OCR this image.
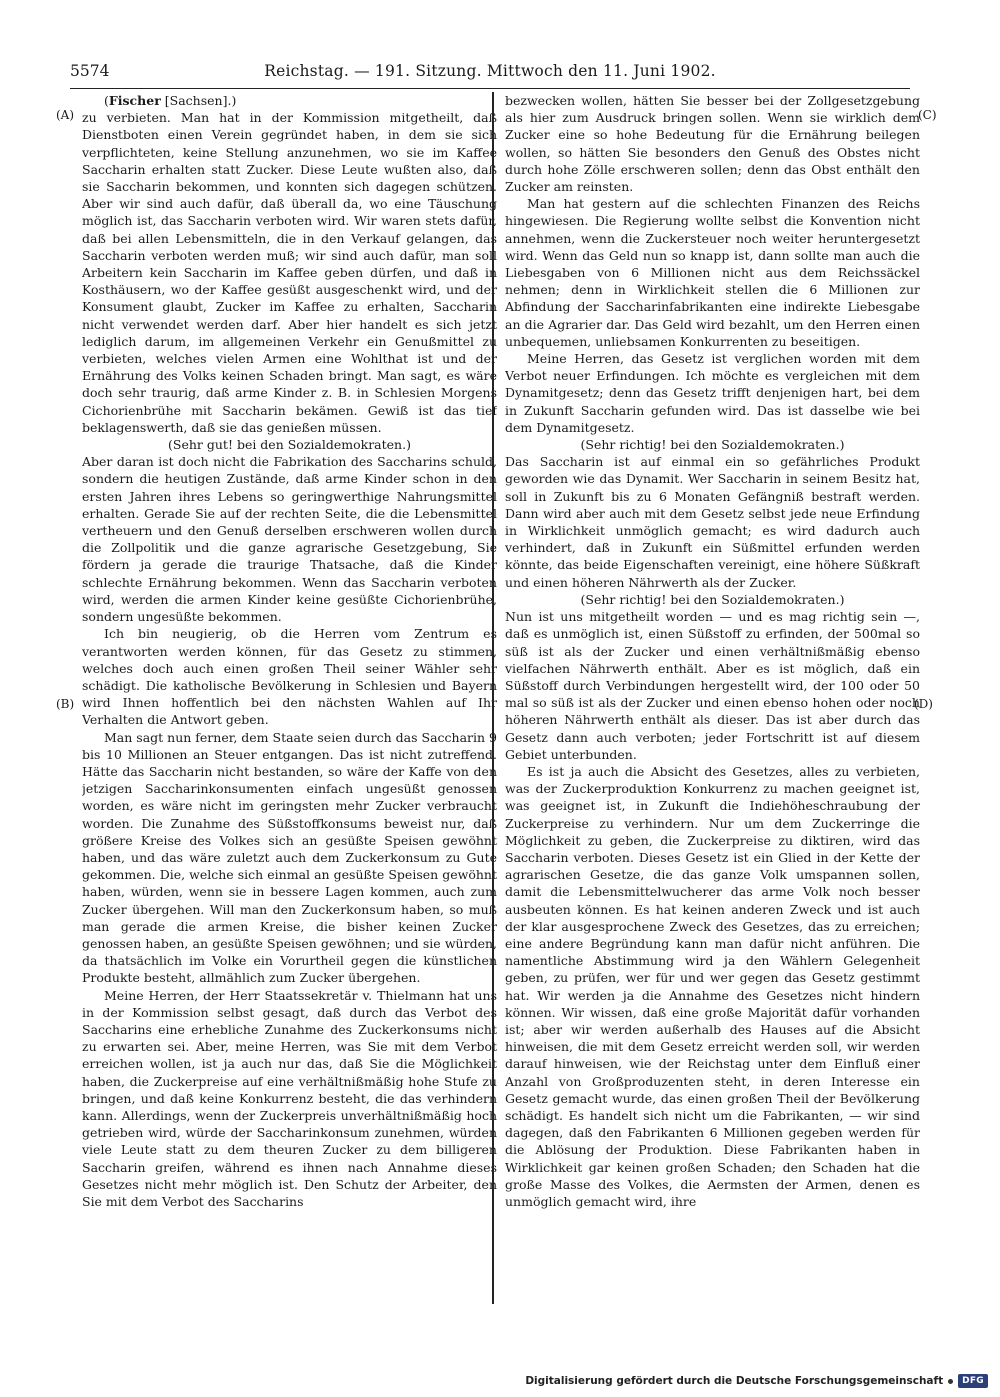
5574	Reichstag. — 191. Sitzung. Mittwoch den 11. Juni 1902.
(A)
(B)
(C)
(D)

(Fischer [Sachsen].)

zu verbieten. Man hat in der Kommission mitgetheilt, daß Dienstboten einen Verein gegründet haben, in dem sie sich verpflichteten, keine Stellung anzunehmen, wo sie im Kaffee Saccharin erhalten statt Zucker. Diese Leute wußten also, daß sie Saccharin bekommen, und konnten sich dagegen schützen. Aber wir sind auch dafür, daß überall da, wo eine Täuschung möglich ist, das Saccharin verboten wird. Wir waren stets dafür, daß bei allen Lebensmitteln, die in den Verkauf gelangen, das Saccharin verboten werden muß; wir sind auch dafür, man soll Arbeitern kein Saccharin im Kaffee geben dürfen, und daß in Kosthäusern, wo der Kaffee gesüßt ausgeschenkt wird, und der Konsument glaubt, Zucker im Kaffee zu erhalten, Saccharin nicht verwendet werden darf. Aber hier handelt es sich jetzt lediglich darum, im allgemeinen Verkehr ein Genußmittel zu verbieten, welches vielen Armen eine Wohlthat ist und der Ernährung des Volks keinen Schaden bringt. Man sagt, es wäre doch sehr traurig, daß arme Kinder z. B. in Schlesien Morgens Cichorienbrühe mit Saccharin bekämen. Gewiß ist das tief beklagenswerth, daß sie das genießen müssen.

(Sehr gut! bei den Sozialdemokraten.)

Aber daran ist doch nicht die Fabrikation des Saccharins schuld, sondern die heutigen Zustände, daß arme Kinder schon in den ersten Jahren ihres Lebens so geringwerthige Nahrungsmittel erhalten. Gerade Sie auf der rechten Seite, die die Lebensmittel vertheuern und den Genuß derselben erschweren wollen durch die Zollpolitik und die ganze agrarische Gesetzgebung, Sie fördern ja gerade die traurige Thatsache, daß die Kinder schlechte Ernährung bekommen. Wenn das Saccharin verboten wird, werden die armen Kinder keine gesüßte Cichorienbrühe, sondern ungesüßte bekommen.

Ich bin neugierig, ob die Herren vom Zentrum es verantworten werden können, für das Gesetz zu stimmen, welches doch auch einen großen Theil seiner Wähler sehr schädigt. Die katholische Bevölkerung in Schlesien und Bayern wird Ihnen hoffentlich bei den nächsten Wahlen auf Ihr Verhalten die Antwort geben.

Man sagt nun ferner, dem Staate seien durch das Saccharin 9 bis 10 Millionen an Steuer entgangen. Das ist nicht zutreffend. Hätte das Saccharin nicht bestanden, so wäre der Kaffe von den jetzigen Saccharinkonsumenten einfach ungesüßt genossen worden, es wäre nicht im geringsten mehr Zucker verbraucht worden. Die Zunahme des Süßstoffkonsums beweist nur, daß größere Kreise des Volkes sich an gesüßte Speisen gewöhnt haben, und das wäre zuletzt auch dem Zuckerkonsum zu Gute gekommen. Die, welche sich einmal an gesüßte Speisen gewöhnt haben, würden, wenn sie in bessere Lagen kommen, auch zum Zucker übergehen. Will man den Zuckerkonsum haben, so muß man gerade die armen Kreise, die bisher keinen Zucker genossen haben, an gesüßte Speisen gewöhnen; und sie würden, da thatsächlich im Volke ein Vorurtheil gegen die künstlichen Produkte besteht, allmählich zum Zucker übergehen.

Meine Herren, der Herr Staatssekretär v. Thielmann hat uns in der Kommission selbst gesagt, daß durch das Verbot des Saccharins eine erhebliche Zunahme des Zuckerkonsums nicht zu erwarten sei. Aber, meine Herren, was Sie mit dem Verbot erreichen wollen, ist ja auch nur das, daß Sie die Möglichkeit haben, die Zuckerpreise auf eine verhältnißmäßig hohe Stufe zu bringen, und daß keine Konkurrenz besteht, die das verhindern kann. Allerdings, wenn der Zuckerpreis unverhältnißmäßig hoch getrieben wird, würde der Saccharinkonsum zunehmen, würden viele Leute statt zu dem theuren Zucker zu dem billigeren Saccharin greifen, während es ihnen nach Annahme dieses Gesetzes nicht mehr möglich ist. Den Schutz der Arbeiter, den Sie mit dem Verbot des Saccharins

bezwecken wollen, hätten Sie besser bei der Zollgesetzgebung als hier zum Ausdruck bringen sollen. Wenn sie wirklich dem Zucker eine so hohe Bedeutung für die Ernährung beilegen wollen, so hätten Sie besonders den Genuß des Obstes nicht durch hohe Zölle erschweren sollen; denn das Obst enthält den Zucker am reinsten.

Man hat gestern auf die schlechten Finanzen des Reichs hingewiesen. Die Regierung wollte selbst die Konvention nicht annehmen, wenn die Zuckersteuer noch weiter heruntergesetzt wird. Wenn das Geld nun so knapp ist, dann sollte man auch die Liebesgaben von 6 Millionen nicht aus dem Reichssäckel nehmen; denn in Wirklichkeit stellen die 6 Millionen zur Abfindung der Saccharinfabrikanten eine indirekte Liebesgabe an die Agrarier dar. Das Geld wird bezahlt, um den Herren einen unbequemen, unliebsamen Konkurrenten zu beseitigen.

Meine Herren, das Gesetz ist verglichen worden mit dem Verbot neuer Erfindungen. Ich möchte es vergleichen mit dem Dynamitgesetz; denn das Gesetz trifft denjenigen hart, bei dem in Zukunft Saccharin gefunden wird. Das ist dasselbe wie bei dem Dynamitgesetz.

(Sehr richtig! bei den Sozialdemokraten.)

Das Saccharin ist auf einmal ein so gefährliches Produkt geworden wie das Dynamit. Wer Saccharin in seinem Besitz hat, soll in Zukunft bis zu 6 Monaten Gefängniß bestraft werden. Dann wird aber auch mit dem Gesetz selbst jede neue Erfindung in Wirklichkeit unmöglich gemacht; es wird dadurch auch verhindert, daß in Zukunft ein Süßmittel erfunden werden könnte, das beide Eigenschaften vereinigt, eine höhere Süßkraft und einen höheren Nährwerth als der Zucker.

(Sehr richtig! bei den Sozialdemokraten.)

Nun ist uns mitgetheilt worden — und es mag richtig sein —, daß es unmöglich ist, einen Süßstoff zu erfinden, der 500mal so süß ist als der Zucker und einen verhältnißmäßig ebenso vielfachen Nährwerth enthält. Aber es ist möglich, daß ein Süßstoff durch Verbindungen hergestellt wird, der 100 oder 50 mal so süß ist als der Zucker und einen ebenso hohen oder noch höheren Nährwerth enthält als dieser. Das ist aber durch das Gesetz dann auch verboten; jeder Fortschritt ist auf diesem Gebiet unterbunden.

Es ist ja auch die Absicht des Gesetzes, alles zu verbieten, was der Zuckerproduktion Konkurrenz zu machen geeignet ist, was geeignet ist, in Zukunft die Indiehöheschraubung der Zuckerpreise zu verhindern. Nur um dem Zuckerringe die Möglichkeit zu geben, die Zuckerpreise zu diktiren, wird das Saccharin verboten. Dieses Gesetz ist ein Glied in der Kette der agrarischen Gesetze, die das ganze Volk umspannen sollen, damit die Lebensmittelwucherer das arme Volk noch besser ausbeuten können. Es hat keinen anderen Zweck und ist auch der klar ausgesprochene Zweck des Gesetzes, das zu erreichen; eine andere Begründung kann man dafür nicht anführen. Die namentliche Abstimmung wird ja den Wählern Gelegenheit geben, zu prüfen, wer für und wer gegen das Gesetz gestimmt hat. Wir werden ja die Annahme des Gesetzes nicht hindern können. Wir wissen, daß eine große Majorität dafür vorhanden ist; aber wir werden außerhalb des Hauses auf die Absicht hinweisen, die mit dem Gesetz erreicht werden soll, wir werden darauf hinweisen, wie der Reichstag unter dem Einfluß einer Anzahl von Großproduzenten steht, in deren Interesse ein Gesetz gemacht wurde, das einen großen Theil der Bevölkerung schädigt. Es handelt sich nicht um die Fabrikanten, — wir sind dagegen, daß den Fabrikanten 6 Millionen gegeben werden für die Ablösung der Produktion. Diese Fabrikanten haben in Wirklichkeit gar keinen großen Schaden; den Schaden hat die große Masse des Volkes, die Aermsten der Armen, denen es unmöglich gemacht wird, ihre

Digitalisierung gefördert durch die Deutsche Forschungsgemeinschaft	DFG
